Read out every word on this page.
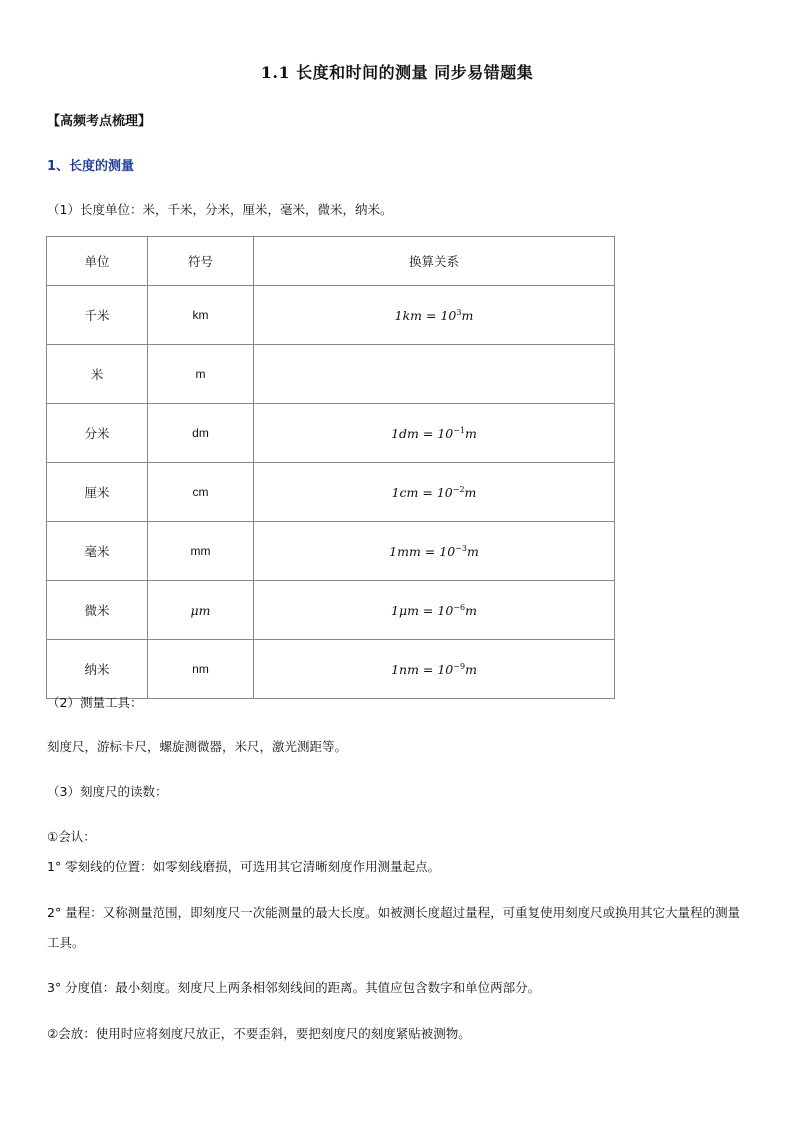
1.1 长度和时间的测量 同步易错题集
【高频考点梳理】
1、长度的测量
（1）长度单位：米，千米，分米，厘米，毫米，微米，纳米。
单位	符号	换算关系
千米	km	$1km = 10^3m$
米	m	
分米	dm	$1dm = 10^{-1}m$
厘米	cm	$1cm = 10^{-2}m$
毫米	mm	$1mm = 10^{-3}m$
微米	μm	$1\mu m = 10^{-6}m$
纳米	nm	$1nm = 10^{-9}m$
（2）测量工具：
刻度尺，游标卡尺，螺旋测微器，米尺，激光测距等。
（3）刻度尺的读数：
①会认：
1° 零刻线的位置：如零刻线磨损，可选用其它清晰刻度作用测量起点。
2° 量程：又称测量范围，即刻度尺一次能测量的最大长度。如被测长度超过量程，可重复使用刻度尺或换用其它大量程的测量工具。
3° 分度值：最小刻度。刻度尺上两条相邻刻线间的距离。其值应包含数字和单位两部分。
②会放：使用时应将刻度尺放正，不要歪斜，要把刻度尺的刻度紧贴被测物。
